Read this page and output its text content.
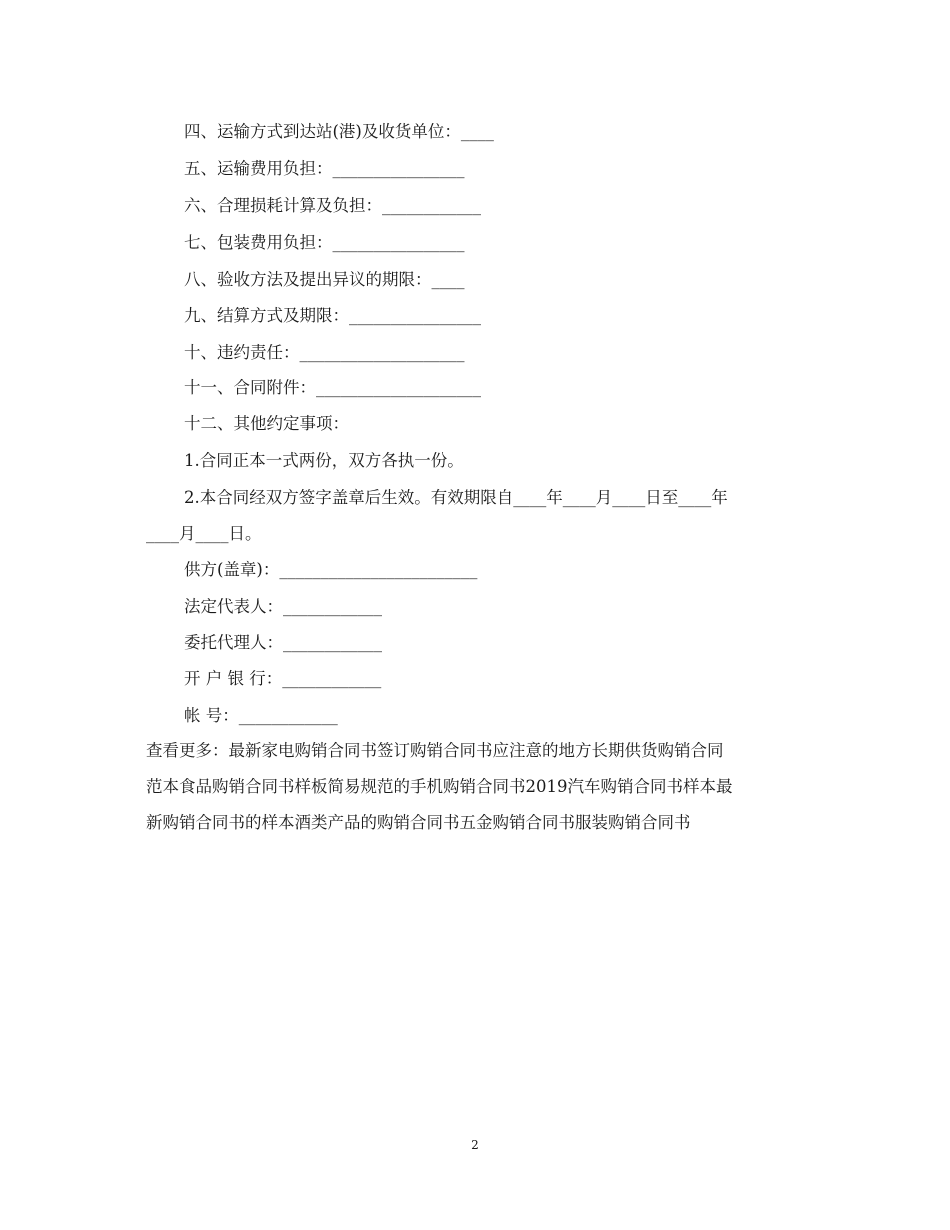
四、运输方式到达站(港)及收货单位：____
五、运输费用负担：________________
六、合理损耗计算及负担：____________
七、包装费用负担：________________
八、验收方法及提出异议的期限：____
九、结算方式及期限：________________
十、违约责任：____________________
十一、合同附件：____________________
十二、其他约定事项：
1.合同正本一式两份，双方各执一份。
2.本合同经双方签字盖章后生效。有效期限自____年____月____日至____年
____月____日。
供方(盖章)：________________________
法定代表人：____________
委托代理人：____________
开 户 银 行：____________
帐 号：____________
查看更多：最新家电购销合同书签订购销合同书应注意的地方长期供货购销合同
范本食品购销合同书样板简易规范的手机购销合同书2019汽车购销合同书样本最
新购销合同书的样本酒类产品的购销合同书五金购销合同书服装购销合同书
2
